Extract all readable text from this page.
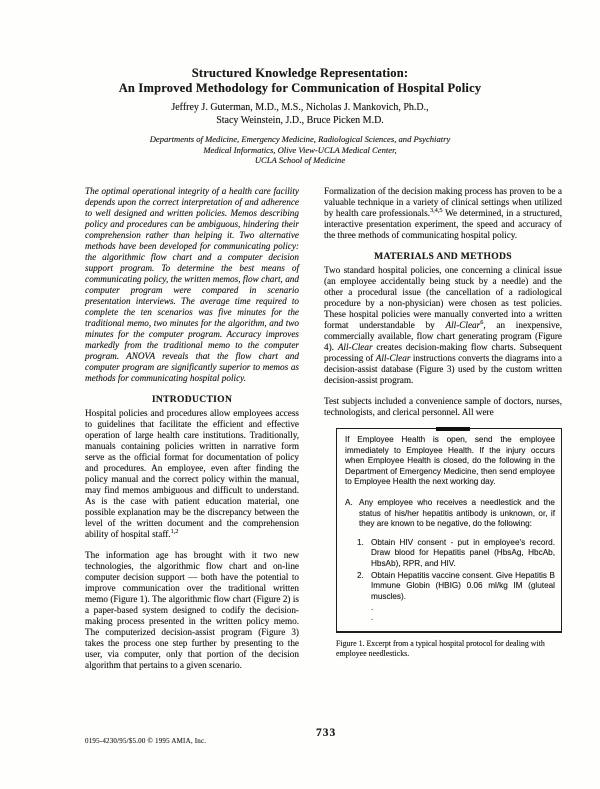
Structured Knowledge Representation:
An Improved Methodology for Communication of Hospital Policy
Jeffrey J. Guterman, M.D., M.S., Nicholas J. Mankovich, Ph.D.,
Stacy Weinstein, J.D., Bruce Picken M.D.
Departments of Medicine, Emergency Medicine, Radiological Sciences, and Psychiatry
Medical Informatics, Olive View-UCLA Medical Center,
UCLA School of Medicine

The optimal operational integrity of a health care facility depends upon the correct interpretation of and adherence to well designed and written policies. Memos describing policy and procedures can be ambiguous, hindering their comprehension rather than helping it. Two alternative methods have been developed for communicating policy: the algorithmic flow chart and a computer decision support program. To determine the best means of communicating policy, the written memos, flow chart, and computer program were compared in scenario presentation interviews. The average time required to complete the ten scenarios was five minutes for the traditional memo, two minutes for the algorithm, and two minutes for the computer program. Accuracy improves markedly from the traditional memo to the computer program. ANOVA reveals that the flow chart and computer program are significantly superior to memos as methods for communicating hospital policy.

INTRODUCTION

Hospital policies and procedures allow employees access to guidelines that facilitate the efficient and effective operation of large health care institutions. Traditionally, manuals containing policies written in narrative form serve as the official format for documentation of policy and procedures. An employee, even after finding the policy manual and the correct policy within the manual, may find memos ambiguous and difficult to understand. As is the case with patient education material, one possible explanation may be the discrepancy between the level of the written document and the comprehension ability of hospital staff.$^{1,2}$

The information age has brought with it two new technologies, the algorithmic flow chart and on-line computer decision support — both have the potential to improve communication over the traditional written memo (Figure 1). The algorithmic flow chart (Figure 2) is a paper-based system designed to codify the decision-making process presented in the written policy memo. The computerized decision-assist program (Figure 3) takes the process one step further by presenting to the user, via computer, only that portion of the decision algorithm that pertains to a given scenario.

Formalization of the decision making process has proven to be a valuable technique in a variety of clinical settings when utilized by health care professionals.$^{3,4,5}$ We determined, in a structured, interactive presentation experiment, the speed and accuracy of the three methods of communicating hospital policy.

MATERIALS AND METHODS

Two standard hospital policies, one concerning a clinical issue (an employee accidentally being stuck by a needle) and the other a procedural issue (the cancellation of a radiological procedure by a non-physician) were chosen as test policies. These hospital policies were manually converted into a written format understandable by All-Clear$^6$, an inexpensive, commercially available, flow chart generating program (Figure 4). All-Clear creates decision-making flow charts. Subsequent processing of All-Clear instructions converts the diagrams into a decision-assist database (Figure 3) used by the custom written decision-assist program.

Test subjects included a convenience sample of doctors, nurses, technologists, and clerical personnel. All were

If Employee Health is open, send the employee immediately to Employee Health. If the injury occurs when Employee Health is closed, do the following in the Department of Emergency Medicine, then send employee to Employee Health the next working day.
A. Any employee who receives a needlestick and the status of his/her hepatitis antibody is unknown, or, if they are known to be negative, do the following:
1. Obtain HIV consent - put in employee's record. Draw blood for Hepatitis panel (HbsAg, HbcAb, HbsAb), RPR, and HIV.
2. Obtain Hepatitis vaccine consent. Give Hepatitis B Immune Globin (HBIG) 0.06 ml/kg IM (gluteal muscles).
.
.
Figure 1. Excerpt from a typical hospital protocol for dealing with employee needlesticks.
0195-4230/95/$5.00 © 1995 AMIA, Inc.
733
